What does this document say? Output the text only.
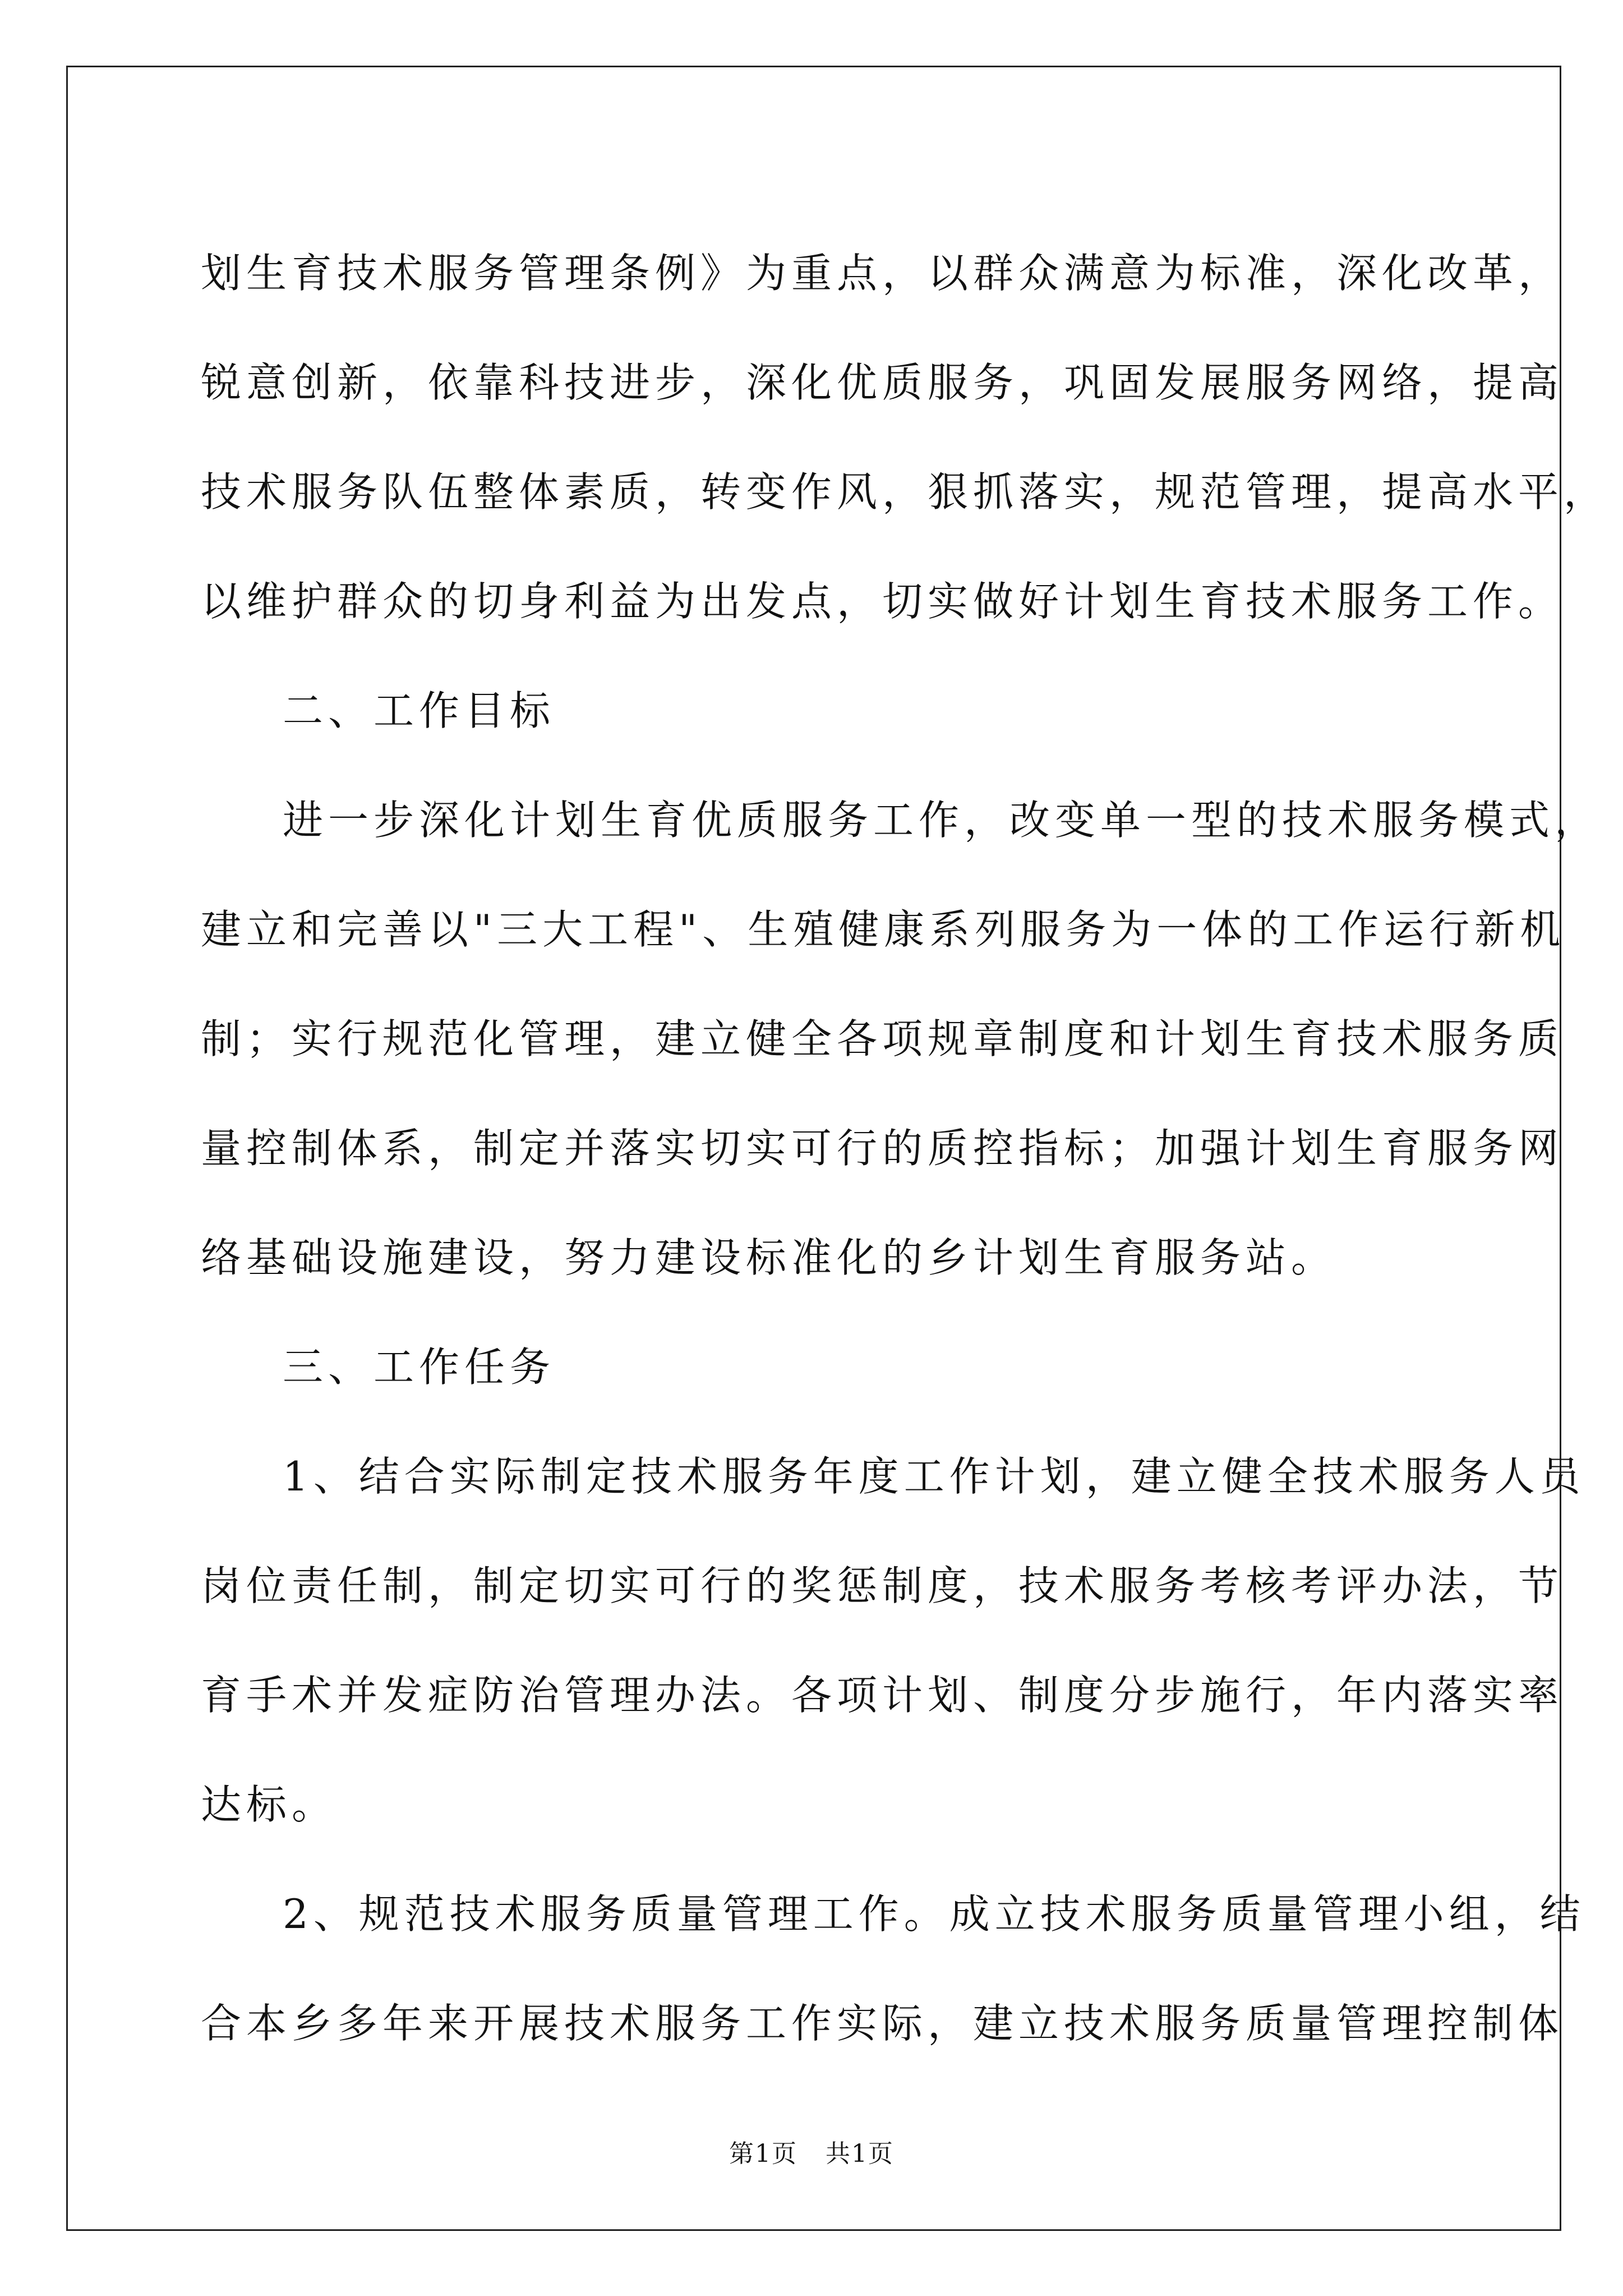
划生育技术服务管理条例》为重点，以群众满意为标准，深化改革，
锐意创新，依靠科技进步，深化优质服务，巩固发展服务网络，提高
技术服务队伍整体素质，转变作风，狠抓落实，规范管理，提高水平，
以维护群众的切身利益为出发点，切实做好计划生育技术服务工作。

二、工作目标

进一步深化计划生育优质服务工作，改变单一型的技术服务模式，
建立和完善以"三大工程"、生殖健康系列服务为一体的工作运行新机
制；实行规范化管理，建立健全各项规章制度和计划生育技术服务质
量控制体系，制定并落实切实可行的质控指标；加强计划生育服务网
络基础设施建设，努力建设标准化的乡计划生育服务站。

三、工作任务

1、结合实际制定技术服务年度工作计划，建立健全技术服务人员
岗位责任制，制定切实可行的奖惩制度，技术服务考核考评办法，节
育手术并发症防治管理办法。各项计划、制度分步施行，年内落实率
达标。

2、规范技术服务质量管理工作。成立技术服务质量管理小组，结
合本乡多年来开展技术服务工作实际，建立技术服务质量管理控制体

第1页 共1页
